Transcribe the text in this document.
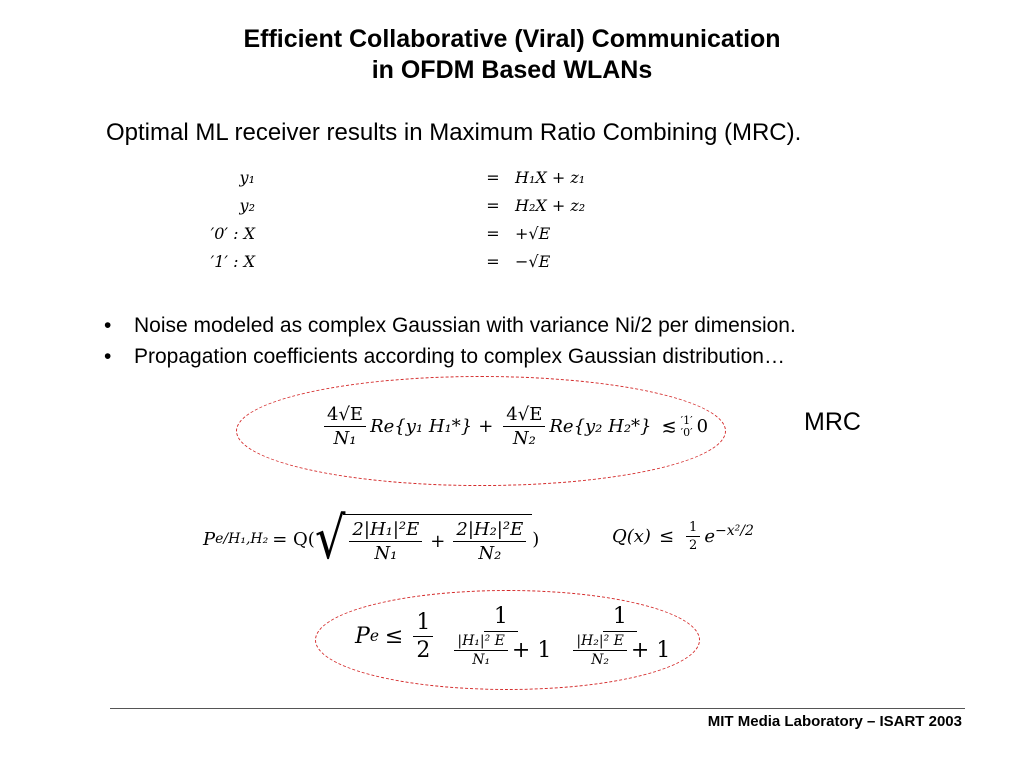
Efficient Collaborative (Viral) Communication
in OFDM Based WLANs
Optimal ML receiver results in Maximum Ratio Combining (MRC).
y₁	= H₁X + z₁
y₂	= H₂X + z₂
′0′ : X	= +√E
′1′ : X	= −√E
•	Noise modeled as complex Gaussian with variance Ni/2 per dimension.
•	Propagation coefficients according to complex Gaussian distribution…
MRC
$\frac{4√E}{\text{N₁}} Re\{y_1$ $H_1*\} + \frac{4√E}{\text{N₂}} Re\{y_2$ H₂*} ≲ ′1′
′0′ 0
P e/H₁,H₂ = Q( √ $\frac{\text{2|H₁|²E}}{\text{N₁}} + \frac{\text{2|H₂|²E}}{\text{N₂}}$ )	$Q(x) \le \frac{1}{2} e^{-x^2/2}$
P $e \le \frac{1}{2} \frac{1}{\frac{\text{|H₁|² E}}{\text{N₁}} + 1} \frac{1}{\frac{\text{|H₂|² E}}{\text{N₂}} + 1}$
MIT Media Laboratory – ISART 2003
